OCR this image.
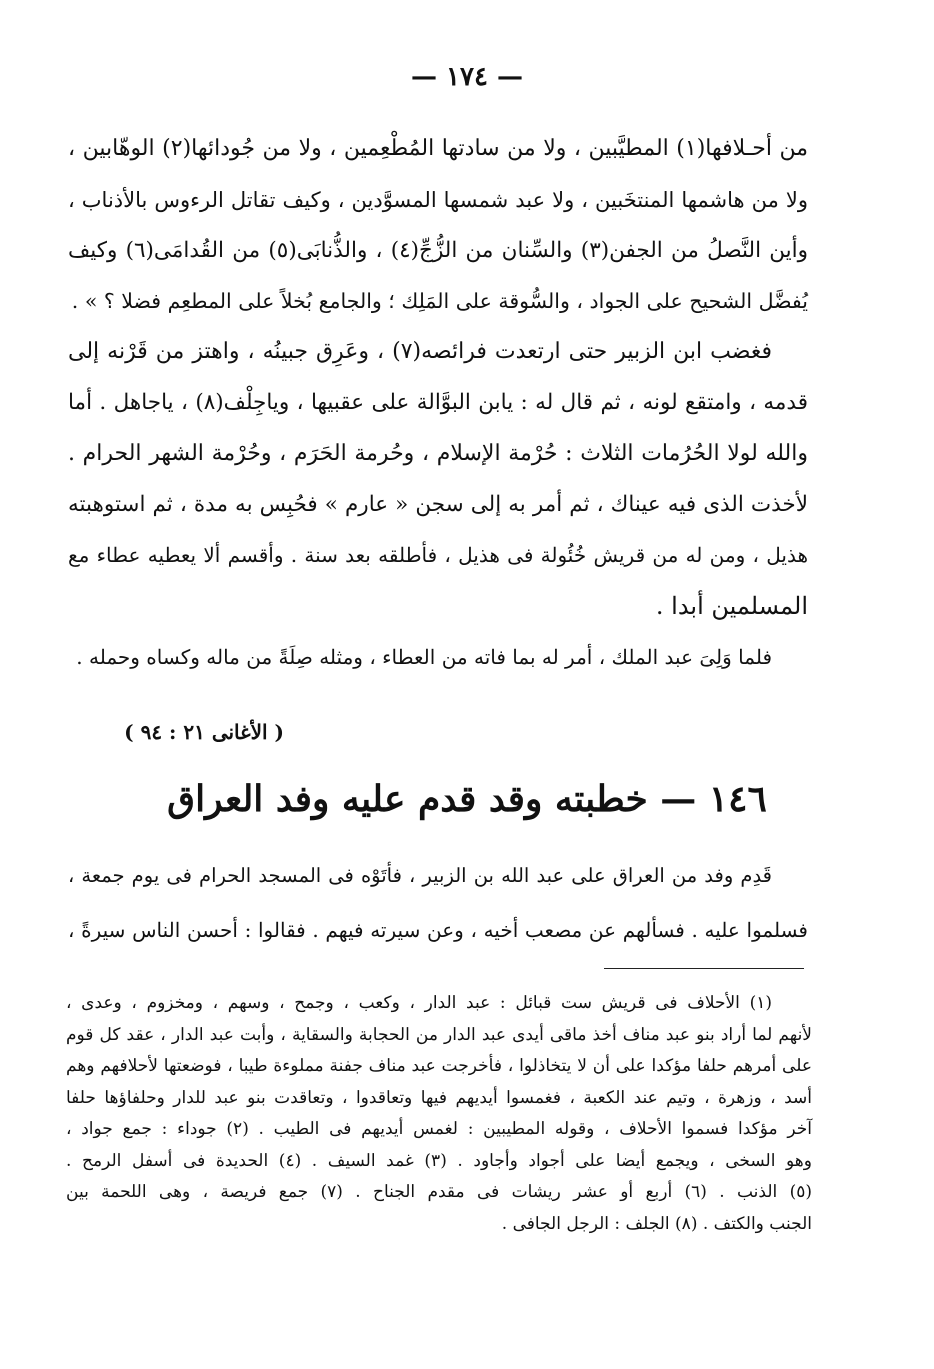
— ١٧٤ —
من أحـلافها(١) المطيَّبين ، ولا من سادتها المُطْعِمين ، ولا من جُودائها(٢) الوهّابين ،
ولا من هاشمها المنتخَبين ، ولا عبد شمسها المسوَّدين ، وكيف تقاتل الرءوس بالأذناب ،
وأين النَّصلُ من الجفن(٣) والسِّنان من الزُّجِّ(٤) ، والذُّنابَى(٥) من القُدامَى(٦) وكيف
يُفضَّل الشحيح على الجواد ، والسُّوقة على المَلِك ؛ والجامع بُخلاً على المطعِم فضلا ؟ » .
فغضب ابن الزبير حتى ارتعدت فرائصه(٧) ، وعَرِق جبينُه ، واهتز من قَرْنه إلى
قدمه ، وامتقع لونه ، ثم قال له : يابن البوَّالة على عقبيها ، وياجِلْف(٨) ، ياجاهل . أما
والله لولا الحُرُمات الثلاث : حُرْمة الإسلام ، وحُرمة الحَرَم ، وحُرْمة الشهر الحرام .
لأخذت الذى فيه عيناك ، ثم أمر به إلى سجن « عارم » فحُبِس به مدة ، ثم استوهبته
هذيل ، ومن له من قريش خُئُولة فى هذيل ، فأطلقه بعد سنة . وأقسم ألا يعطيه عطاء مع
المسلمين أبدا .
فلما وَلِىَ عبد الملك ، أمر له بما فاته من العطاء ، ومثله صِلَةً من ماله وكساه وحمله .
( الأغانى ٢١ : ٩٤ )
١٤٦ — خطبته وقد قدم عليه وفد العراق
قَدِم وفد من العراق على عبد الله بن الزبير ، فأتَوْه فى المسجد الحرام فى يوم جمعة ،
فسلموا عليه . فسألهم عن مصعب أخيه ، وعن سيرته فيهم . فقالوا : أحسن الناس سيرةً ،
(١) الأحلاف فى قريش ست قبائل : عبد الدار ، وكعب ، وجمح ، وسهم ، ومخزوم ، وعدى ،
لأنهم لما أراد بنو عبد مناف أخذ ماقى أيدى عبد الدار من الحجابة والسقاية ، وأبت عبد الدار ، عقد كل قوم
على أمرهم حلفا مؤكدا على أن لا يتخاذلوا ، فأخرجت عبد مناف جفنة مملوءة طيبا ، فوضعتها لأحلافهم وهم
أسد ، وزهرة ، وتيم عند الكعبة ، فغمسوا أيديهم فيها وتعاقدوا ، وتعاقدت بنو عبد للدار وحلفاؤها حلفا
آخر مؤكدا فسموا الأحلاف ، وقوله المطيبين : لغمس أيديهم فى الطيب . (٢) جوداء : جمع جواد ،
وهو السخى ، ويجمع أيضا على أجواد وأجاود . (٣) غمد السيف . (٤) الحديدة فى أسفل الرمح .
(٥) الذنب . (٦) أربع أو عشر ريشات فى مقدم الجناح . (٧) جمع فريصة ، وهى اللحمة بين
الجنب والكتف . (٨) الجلف : الرجل الجافى .
